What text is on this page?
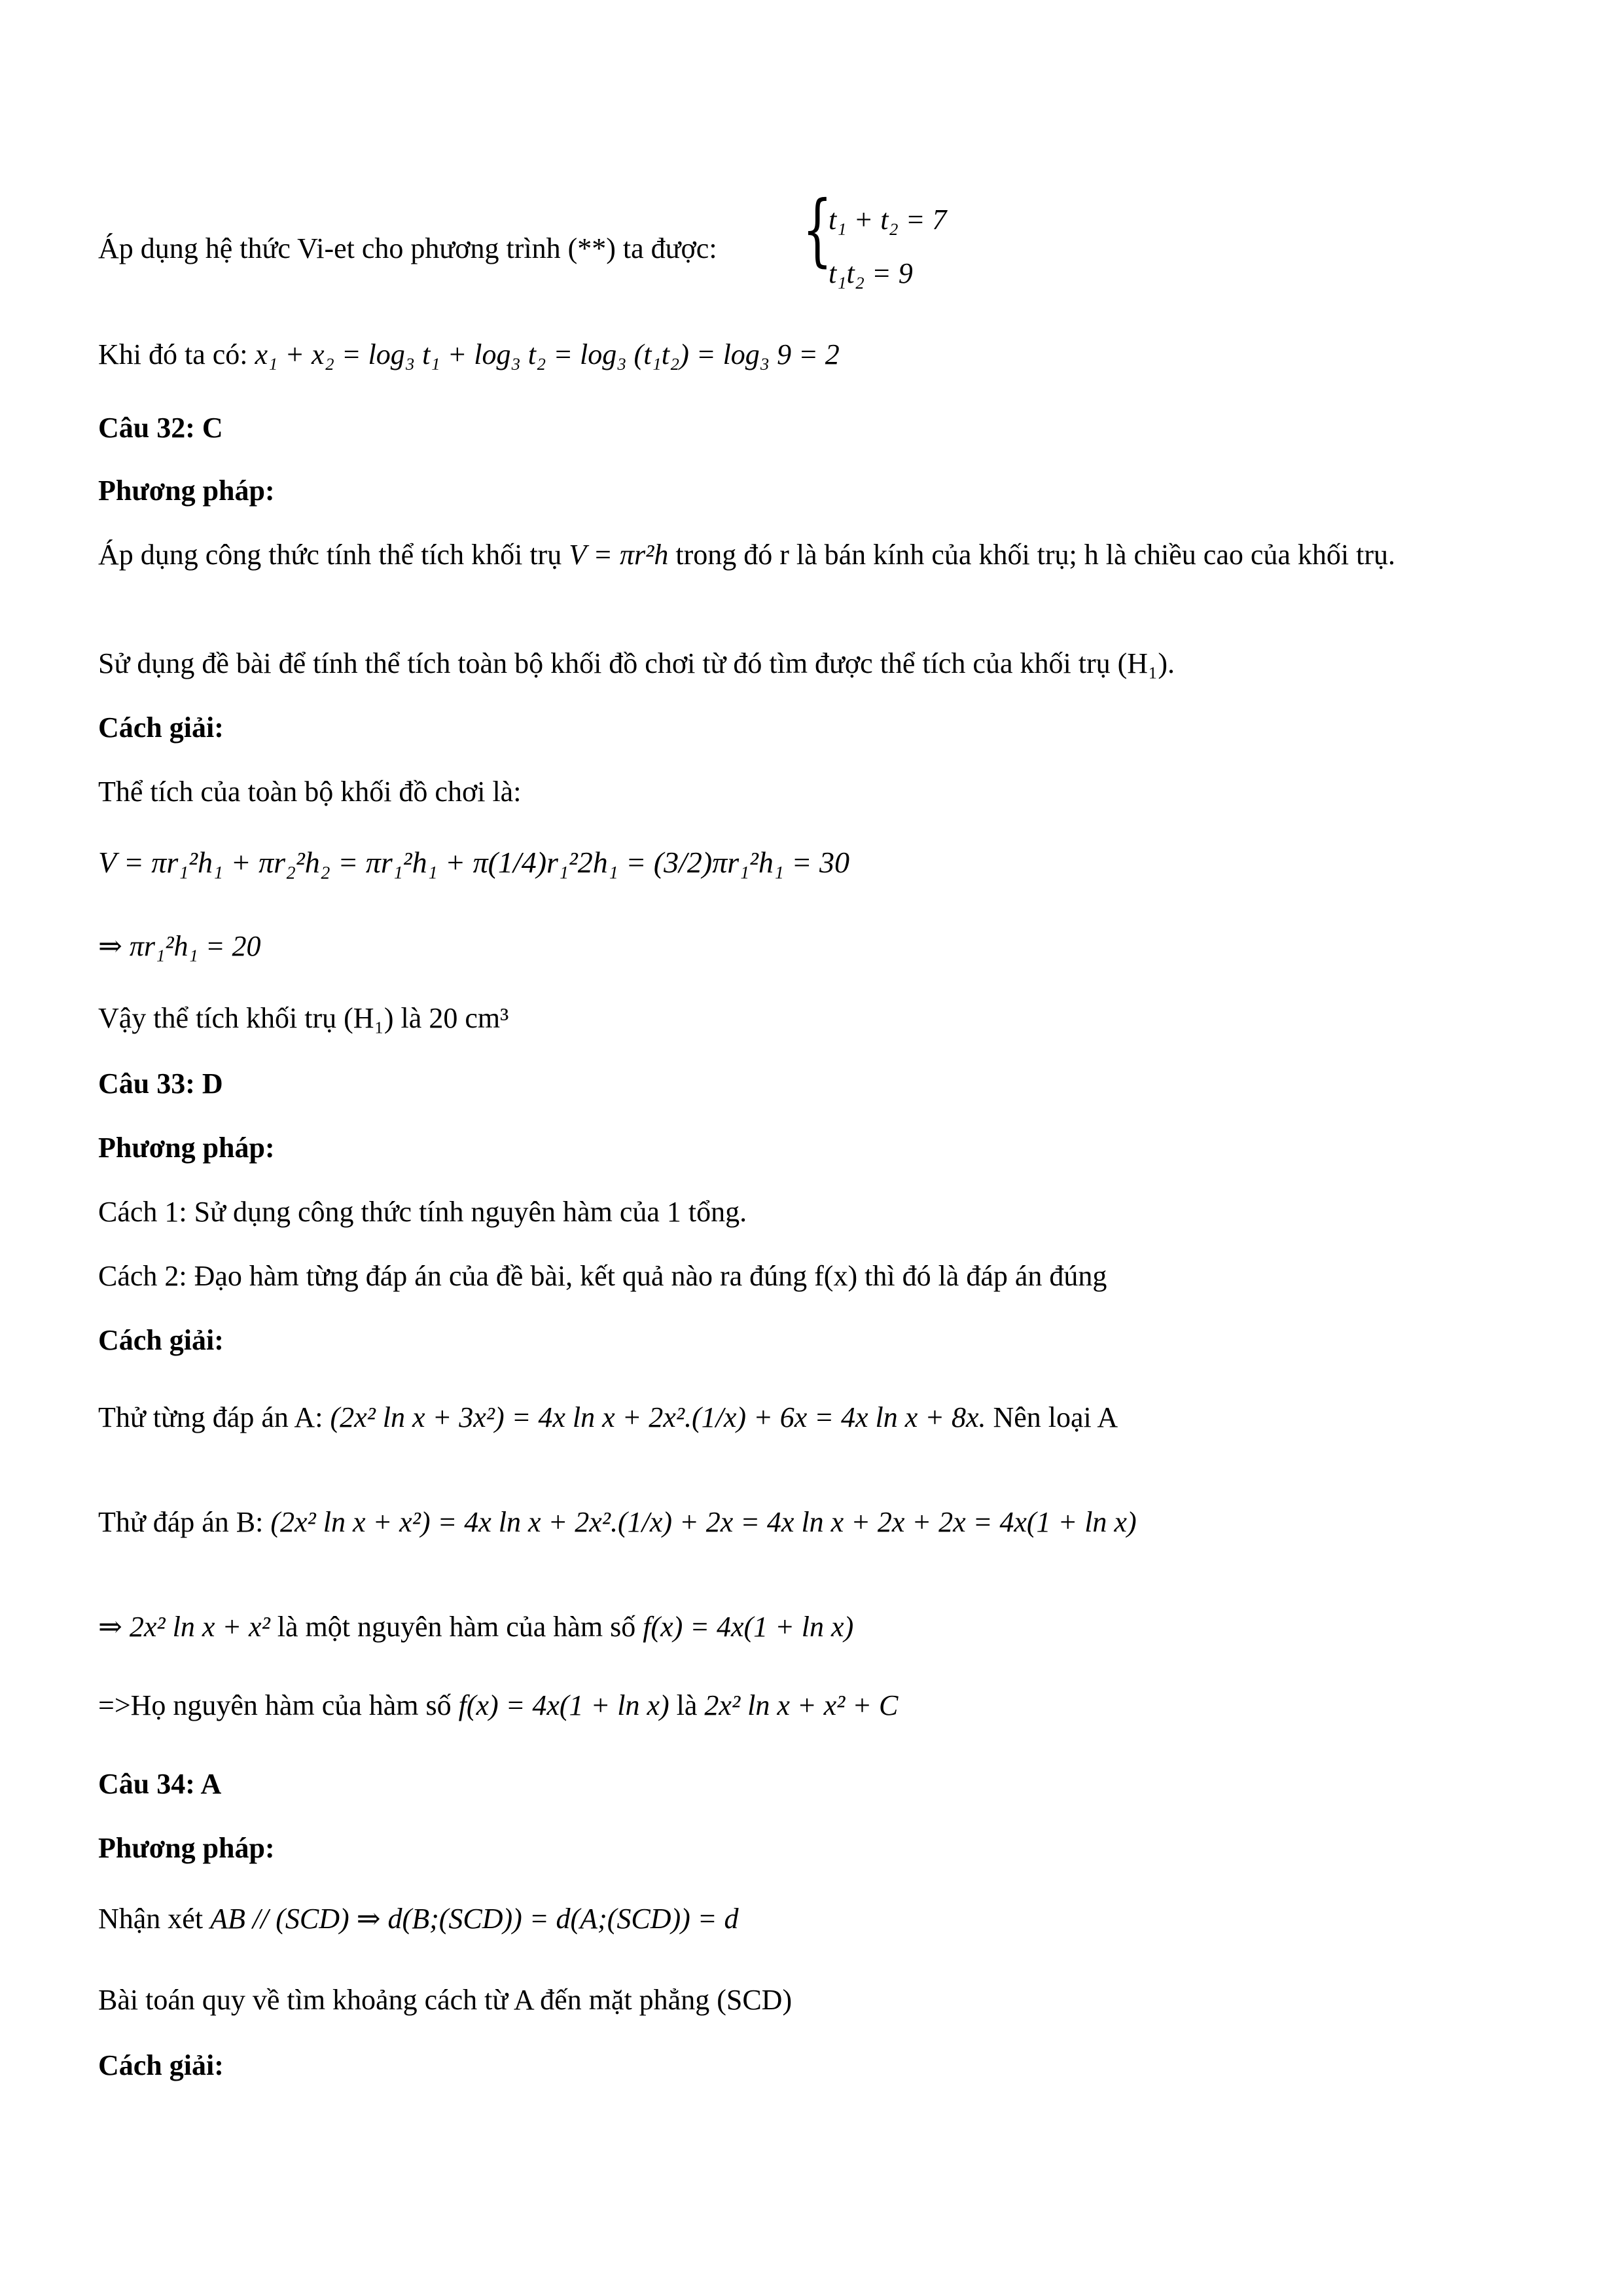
Áp dụng hệ thức Vi-et cho phương trình (**) ta được: {
t₁ + t₂ = 7
t₁t₂ = 9
Khi đó ta có: x₁ + x₂ = log₃ t₁ + log₃ t₂ = log₃ (t₁t₂) = log₃ 9 = 2
Câu 32: C
Phương pháp:
Áp dụng công thức tính thể tích khối trụ V = πr²h trong đó r là bán kính của khối trụ; h là chiều cao của khối trụ.
Sử dụng đề bài để tính thể tích toàn bộ khối đồ chơi từ đó tìm được thể tích của khối trụ (H₁).
Cách giải:
Thể tích của toàn bộ khối đồ chơi là:
V = πr₁²h₁ + πr₂²h₂ = πr₁²h₁ + π(1/4)r₁²2h₁ = (3/2)πr₁²h₁ = 30
⇒ πr₁²h₁ = 20
Vậy thể tích khối trụ (H₁) là 20 cm³
Câu 33: D
Phương pháp:
Cách 1: Sử dụng công thức tính nguyên hàm của 1 tổng.
Cách 2: Đạo hàm từng đáp án của đề bài, kết quả nào ra đúng f(x) thì đó là đáp án đúng
Cách giải:
Thử từng đáp án A: (2x² ln x + 3x²) = 4x ln x + 2x².(1/x) + 6x = 4x ln x + 8x. Nên loại A
Thử đáp án B: (2x² ln x + x²) = 4x ln x + 2x².(1/x) + 2x = 4x ln x + 2x + 2x = 4x(1 + ln x)
⇒ 2x² ln x + x² là một nguyên hàm của hàm số f(x) = 4x(1 + ln x)
=>Họ nguyên hàm của hàm số f(x) = 4x(1 + ln x) là 2x² ln x + x² + C
Câu 34: A
Phương pháp:
Nhận xét AB // (SCD) ⇒ d(B;(SCD)) = d(A;(SCD)) = d
Bài toán quy về tìm khoảng cách từ A đến mặt phẳng (SCD)
Cách giải:
